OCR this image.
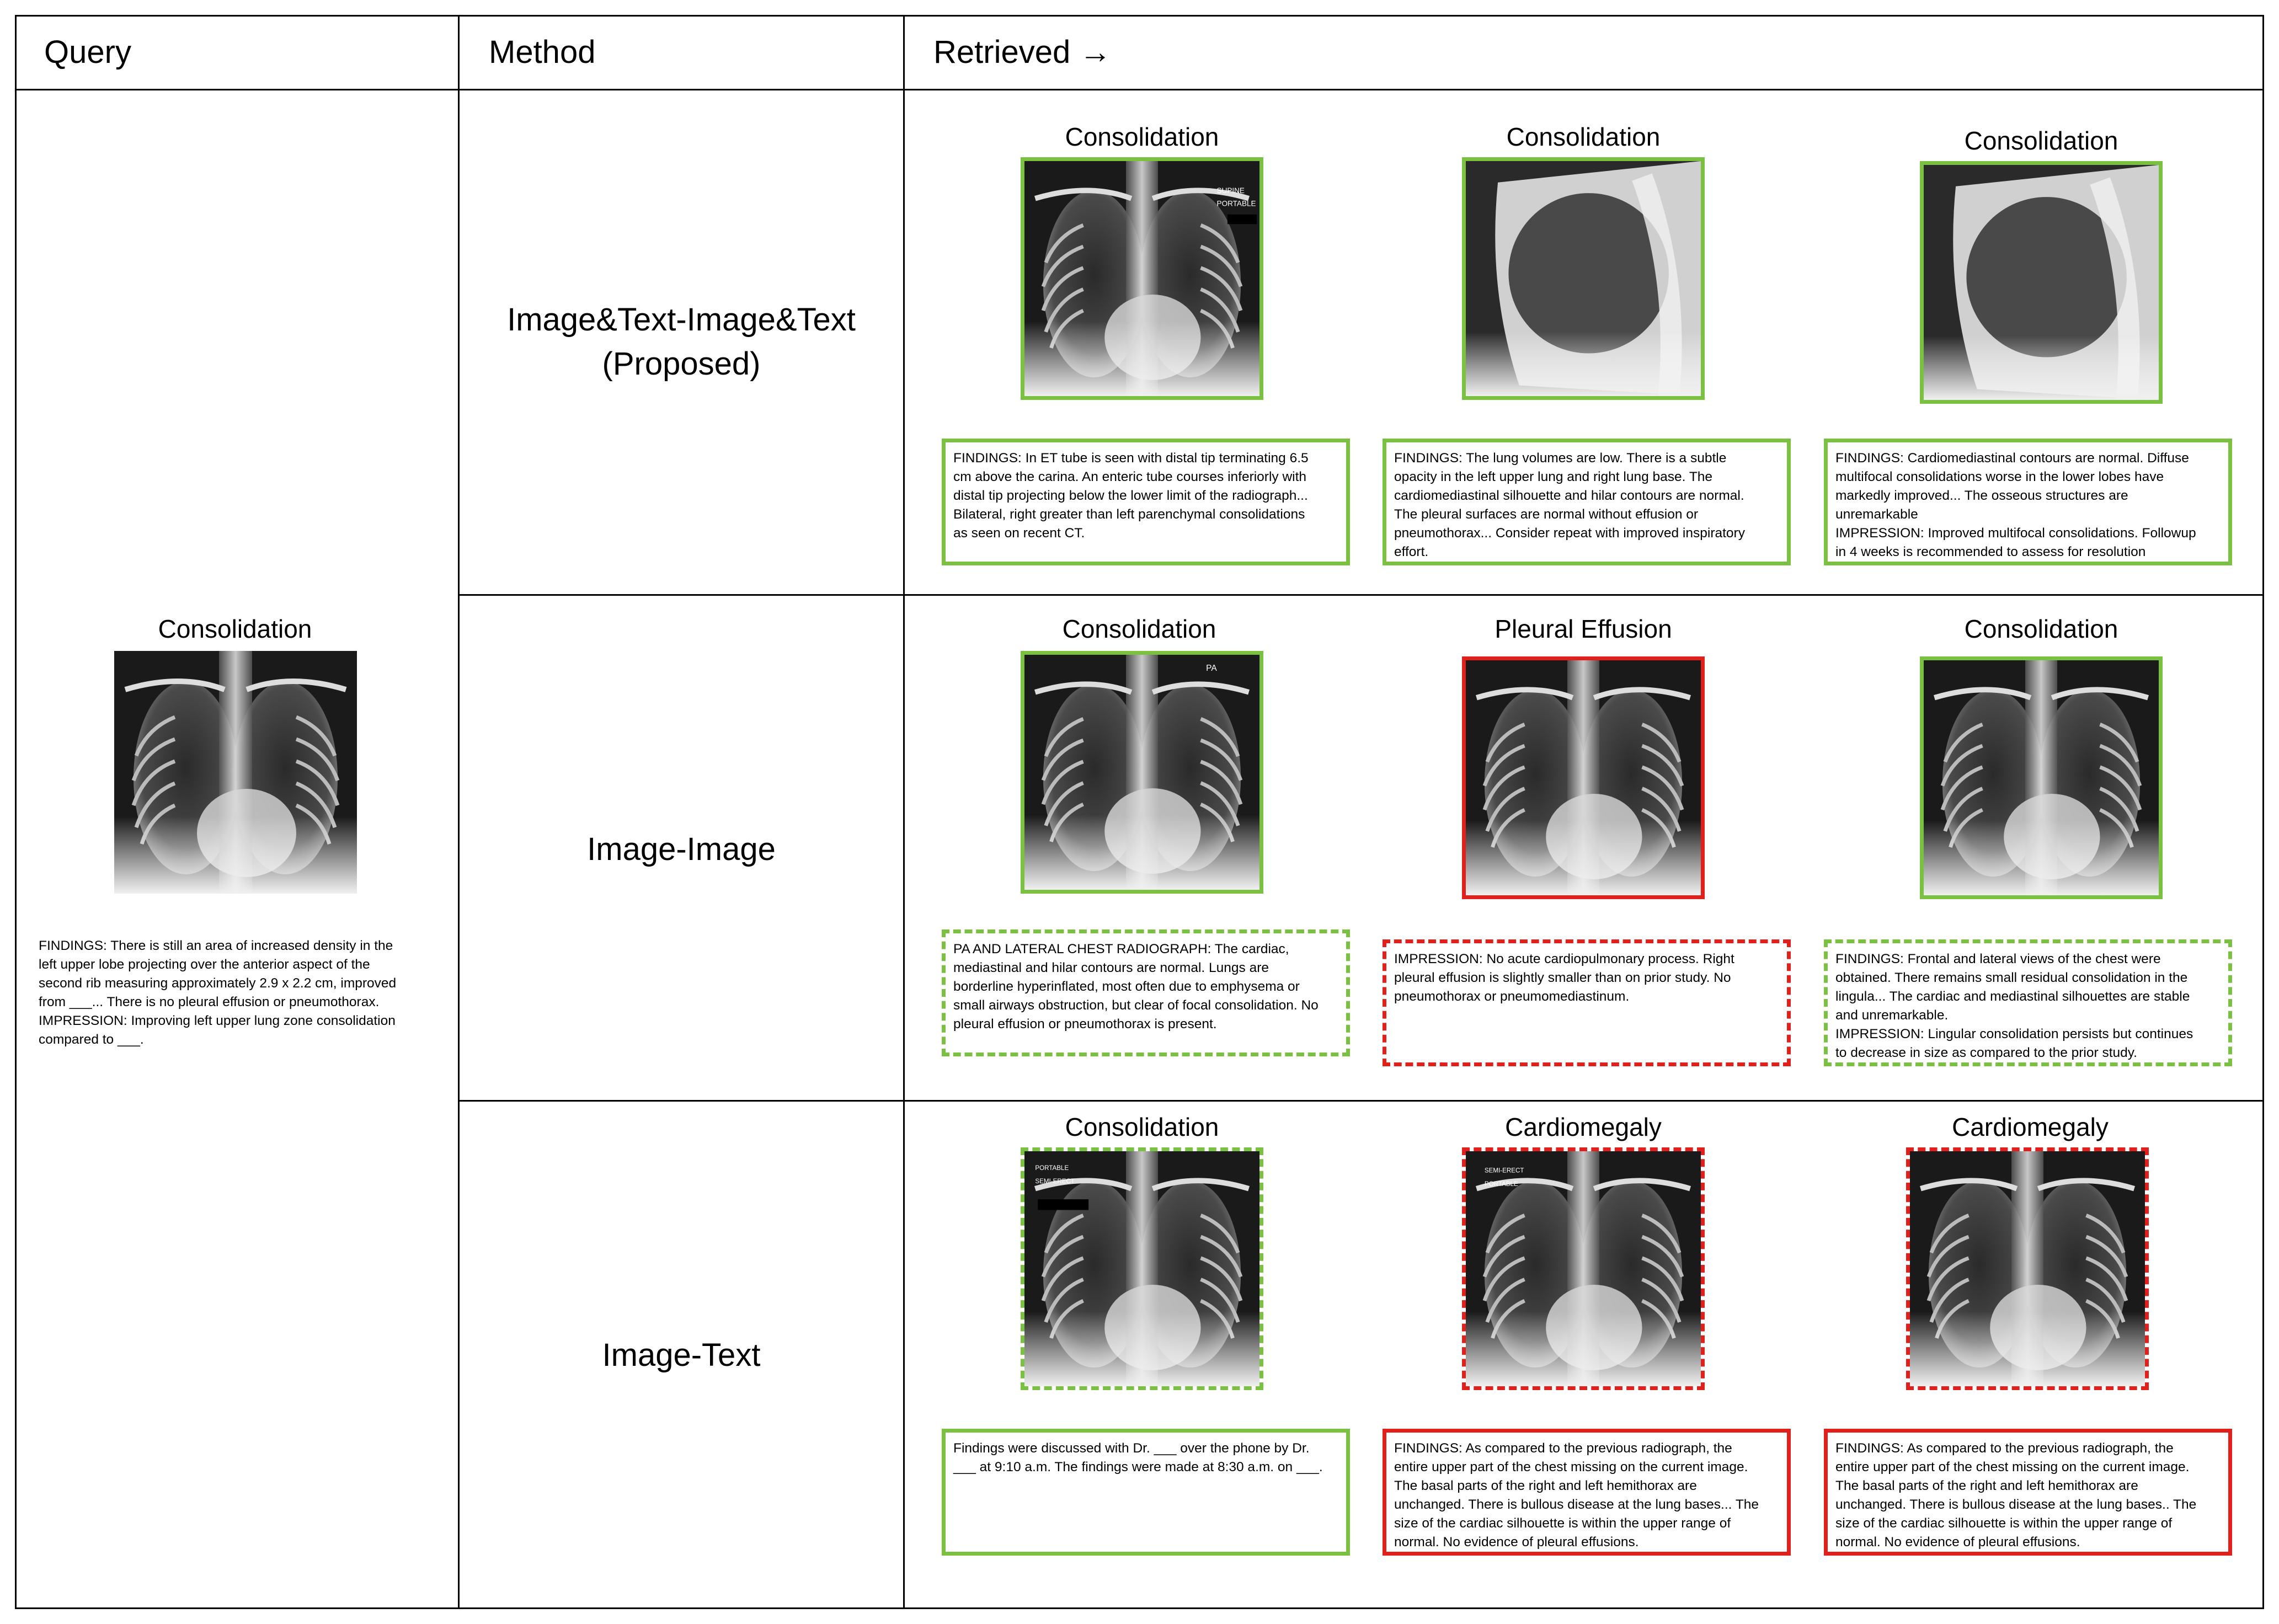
Query	Method	Retrieved →
Consolidation
FINDINGS: There is still an area of increased density in the
left upper lobe projecting over the anterior aspect of the
second rib measuring approximately 2.9 x 2.2 cm, improved
from ___... There is no pleural effusion or pneumothorax.
IMPRESSION: Improving left upper lung zone consolidation
compared to ___.
Image&Text-Image&Text
(Proposed)
Image-Image
Image-Text
Consolidation
SUPINE
PORTABLE
FINDINGS: In ET tube is seen with distal tip terminating 6.5
cm above the carina. An enteric tube courses inferiorly with
distal tip projecting below the lower limit of the radiograph...
Bilateral, right greater than left parenchymal consolidations
as seen on recent CT.
Consolidation
FINDINGS: The lung volumes are low. There is a subtle
opacity in the left upper lung and right lung base. The
cardiomediastinal silhouette and hilar contours are normal.
The pleural surfaces are normal without effusion or
pneumothorax... Consider repeat with improved inspiratory
effort.
Consolidation
FINDINGS: Cardiomediastinal contours are normal. Diffuse
multifocal consolidations worse in the lower lobes have
markedly improved... The osseous structures are
unremarkable
IMPRESSION: Improved multifocal consolidations. Followup
in 4 weeks is recommended to assess for resolution
Consolidation
PA
PA AND LATERAL CHEST RADIOGRAPH: The cardiac,
mediastinal and hilar contours are normal. Lungs are
borderline hyperinflated, most often due to emphysema or
small airways obstruction, but clear of focal consolidation. No
pleural effusion or pneumothorax is present.
Pleural Effusion
IMPRESSION: No acute cardiopulmonary process. Right
pleural effusion is slightly smaller than on prior study. No
pneumothorax or pneumomediastinum.
Consolidation
FINDINGS: Frontal and lateral views of the chest were
obtained. There remains small residual consolidation in the
lingula... The cardiac and mediastinal silhouettes are stable
and unremarkable.
IMPRESSION: Lingular consolidation persists but continues
to decrease in size as compared to the prior study.
Consolidation
PORTABLE
SEMI-ERECT
Findings were discussed with Dr. ___ over the phone by Dr.
___ at 9:10 a.m. The findings were made at 8:30 a.m. on ___.
Cardiomegaly
SEMI-ERECT
PORTABLE
FINDINGS: As compared to the previous radiograph, the
entire upper part of the chest missing on the current image.
The basal parts of the right and left hemithorax are
unchanged. There is bullous disease at the lung bases... The
size of the cardiac silhouette is within the upper range of
normal. No evidence of pleural effusions.
Cardiomegaly
FINDINGS: As compared to the previous radiograph, the
entire upper part of the chest missing on the current image.
The basal parts of the right and left hemithorax are
unchanged. There is bullous disease at the lung bases.. The
size of the cardiac silhouette is within the upper range of
normal. No evidence of pleural effusions.
